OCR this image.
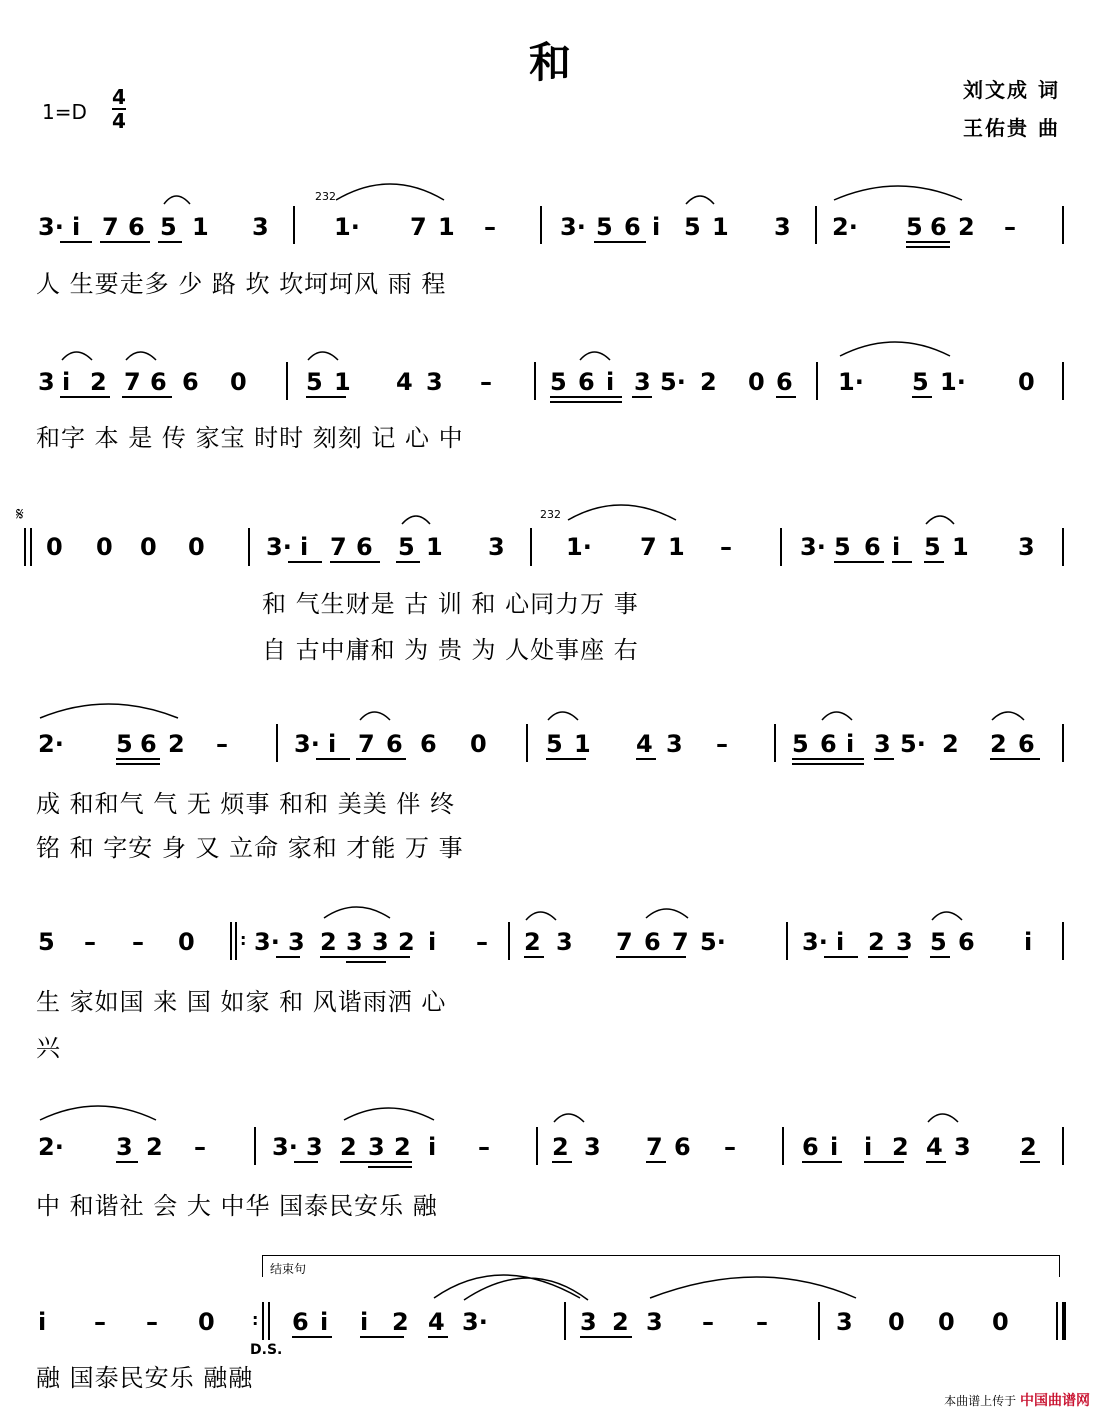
和
1=D
4
4
刘文成 词
王佑贵 曲
3· i 7 6 5 1 3
232
1· 7 1 –	3· 5 6 i 5 1 3 2· 5 6 2 –
3 i 2 7 6 6 0 5 1 4 3 – 5 6 i 3 5· 2 0 6 1· 5 1· 0
𝄋
0 0 0 0	3· i 7 6 5 1 3
232
1· 7 1 –	3· 5 6 i 5 1 3
2· 5 6 2 –	3· i 7 6 6 0 5 1 4 3 –	5 6 i 3 5· 2 2 6
5 – – 0	: 3· 3 2 3 3 2 i – 2 3 7 6 7 5·	3· i 2 3 5 6 i
2· 3 2 –	3· 3 2 3 2 i –	2 3 7 6 –	6 i i 2 4 3 2
i – – 0 : 6 i i 2 4 3·	3 2 3 – –	3 0 0 0
结束句
D.S.
人 生要走多 少 路 坎 坎坷坷风 雨 程
和字 本 是 传 家宝 时时 刻刻 记 心 中
和 气生财是 古 训 和 心同力万 事
自 古中庸和 为 贵 为 人处事座 右
成 和和气 气 无 烦事 和和 美美 伴 终
铭 和 字安 身 又 立命 家和 才能 万 事
生 家如国 来 国 如家 和 风谐雨洒 心
兴
中 和谐社 会 大 中华 国泰民安乐 融
融 国泰民安乐 融融
本曲谱上传于 中国曲谱网
